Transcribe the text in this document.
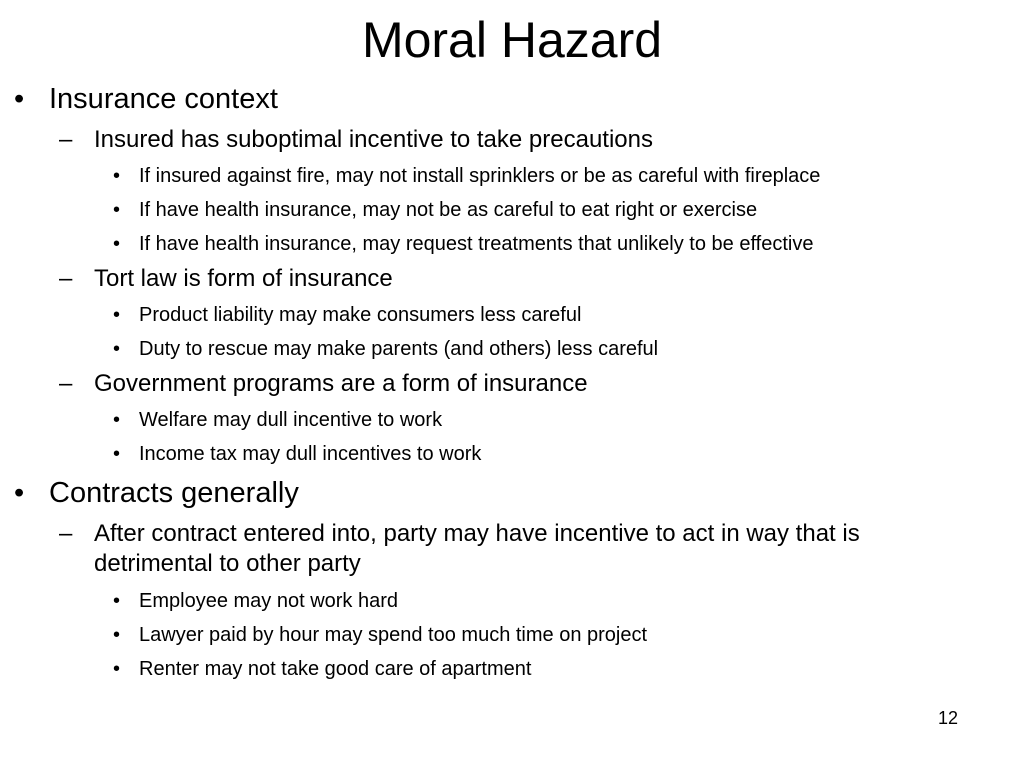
Moral Hazard
• Insurance context
– Insured has suboptimal incentive to take precautions
• If insured against fire, may not install sprinklers or be as careful with fireplace
• If have health insurance, may not be as careful to eat right or exercise
• If have health insurance, may request treatments that unlikely to be effective
– Tort law is form of insurance
• Product liability may make consumers less careful
• Duty to rescue may make parents (and others) less careful
– Government programs are a form of insurance
• Welfare may dull incentive to work
• Income tax may dull incentives to work
• Contracts generally
– After contract entered into, party may have incentive to act in way that is
detrimental to other party
• Employee may not work hard
• Lawyer paid by hour may spend too much time on project
• Renter may not take good care of apartment
12
